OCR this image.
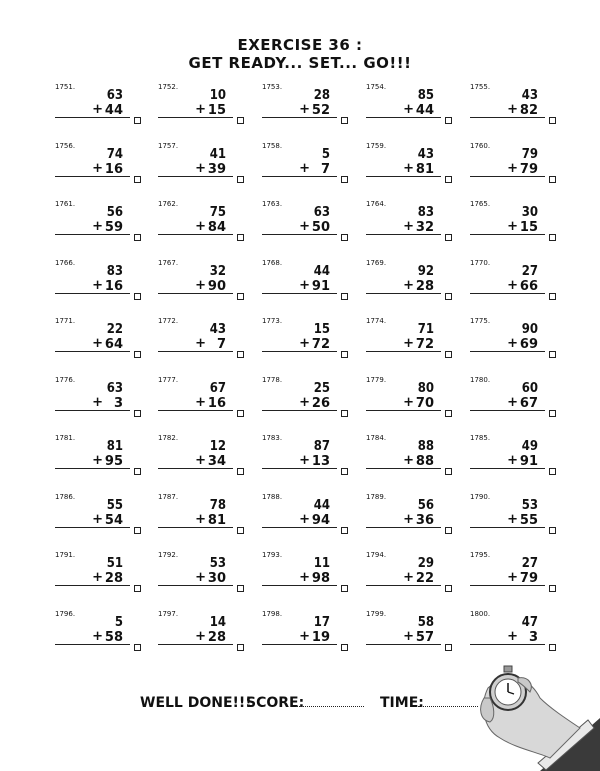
EXERCISE 36 :
GET READY... SET... GO!!!
1751.
63
+ 44
1752.
10
+ 15
1753.
28
+ 52
1754.
85
+ 44
1755.
43
+ 82
1756.
74
+ 16
1757.
41
+ 39
1758.
5
+ 7
1759.
43
+ 81
1760.
79
+ 79
1761.
56
+ 59
1762.
75
+ 84
1763.
63
+ 50
1764.
83
+ 32
1765.
30
+ 15
1766.
83
+ 16
1767.
32
+ 90
1768.
44
+ 91
1769.
92
+ 28
1770.
27
+ 66
1771.
22
+ 64
1772.
43
+ 7
1773.
15
+ 72
1774.
71
+ 72
1775.
90
+ 69
1776.
63
+ 3
1777.
67
+ 16
1778.
25
+ 26
1779.
80
+ 70
1780.
60
+ 67
1781.
81
+ 95
1782.
12
+ 34
1783.
87
+ 13
1784.
88
+ 88
1785.
49
+ 91
1786.
55
+ 54
1787.
78
+ 81
1788.
44
+ 94
1789.
56
+ 36
1790.
53
+ 55
1791.
51
+ 28
1792.
53
+ 30
1793.
11
+ 98
1794.
29
+ 22
1795.
27
+ 79
1796.
5
+ 58
1797.
14
+ 28
1798.
17
+ 19
1799.
58
+ 57
1800.
47
+ 3
WELL DONE!!!
SCORE:	TIME:
